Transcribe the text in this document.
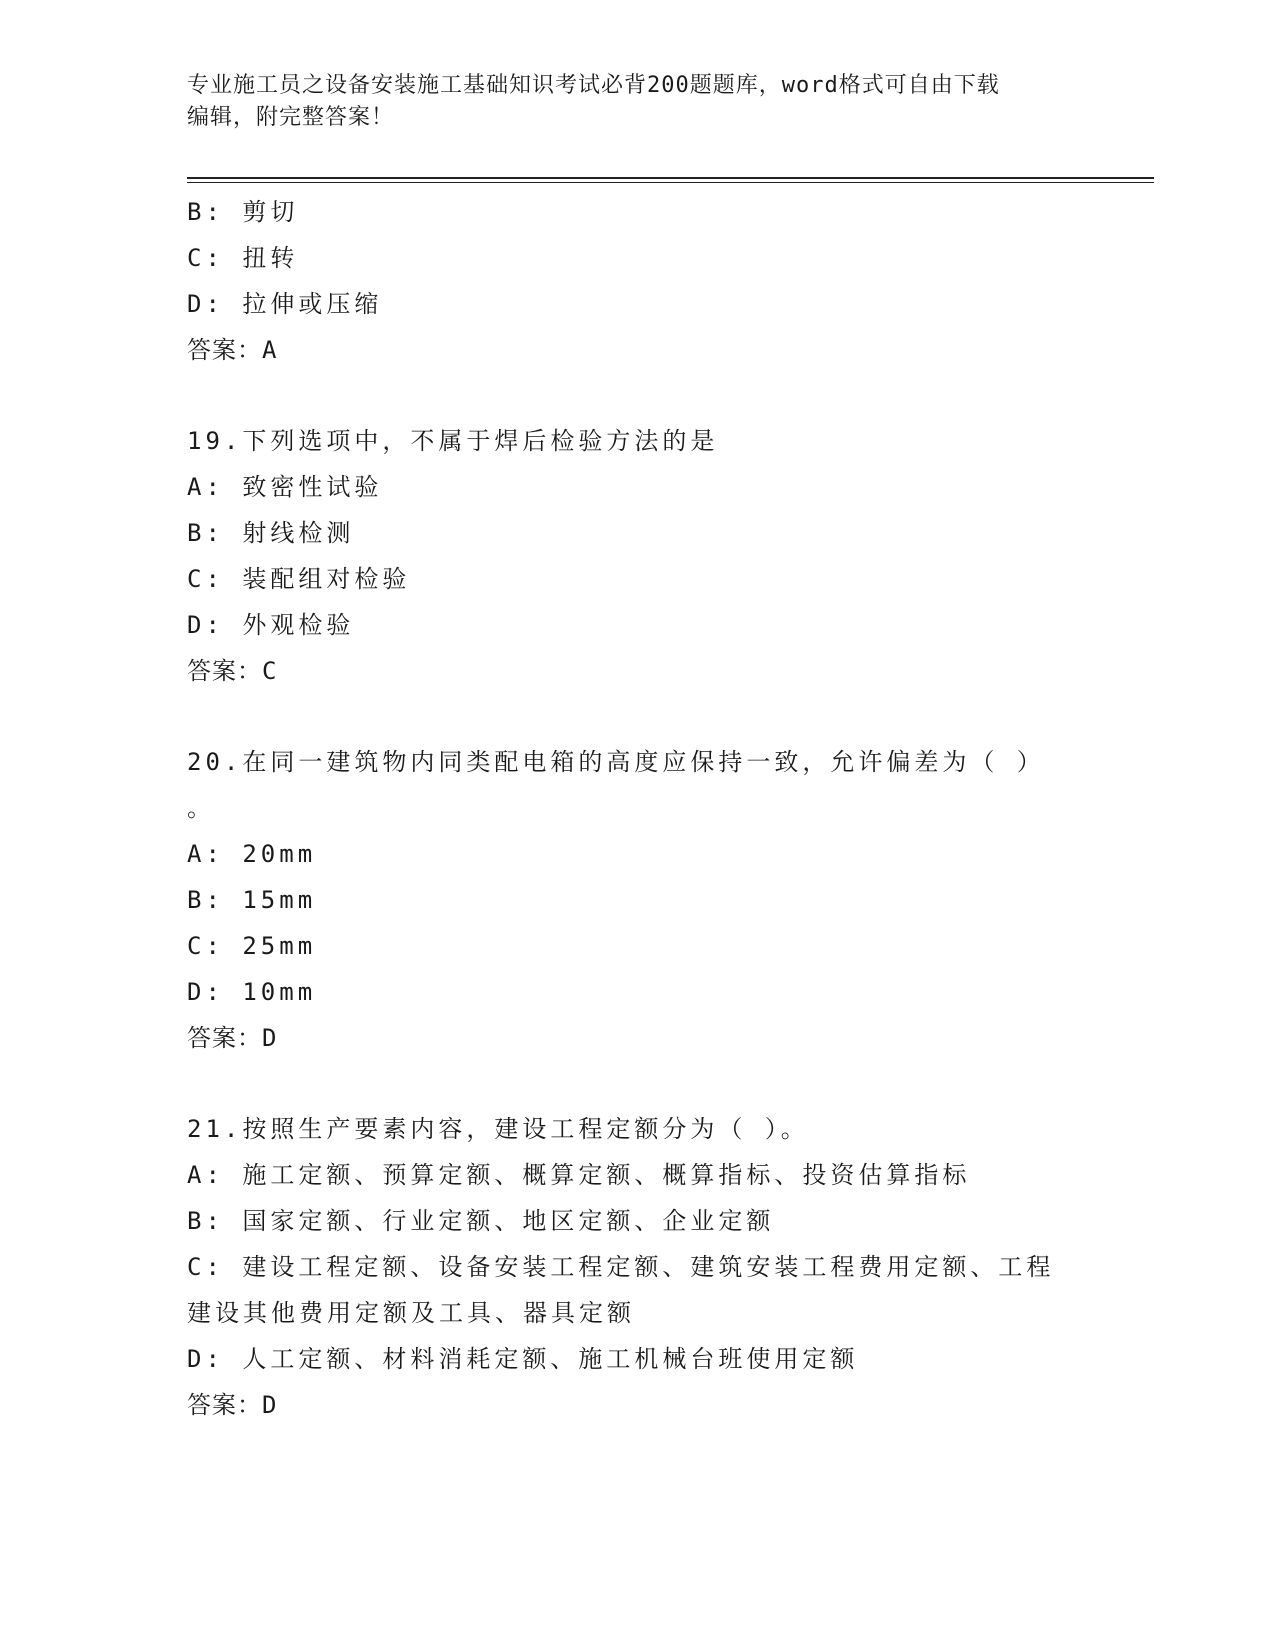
专业施工员之设备安装施工基础知识考试必背200题题库，word格式可自由下载
编辑，附完整答案！
B: 剪切
C: 扭转
D: 拉伸或压缩
答案：A
19.下列选项中，不属于焊后检验方法的是
A: 致密性试验
B: 射线检测
C: 装配组对检验
D: 外观检验
答案：C
20.在同一建筑物内同类配电箱的高度应保持一致，允许偏差为（ ）
。
A: 20mm
B: 15mm
C: 25mm
D: 10mm
答案：D
21.按照生产要素内容，建设工程定额分为（ ）。
A: 施工定额、预算定额、概算定额、概算指标、投资估算指标
B: 国家定额、行业定额、地区定额、企业定额
C: 建设工程定额、设备安装工程定额、建筑安装工程费用定额、工程
建设其他费用定额及工具、器具定额
D: 人工定额、材料消耗定额、施工机械台班使用定额
答案：D
